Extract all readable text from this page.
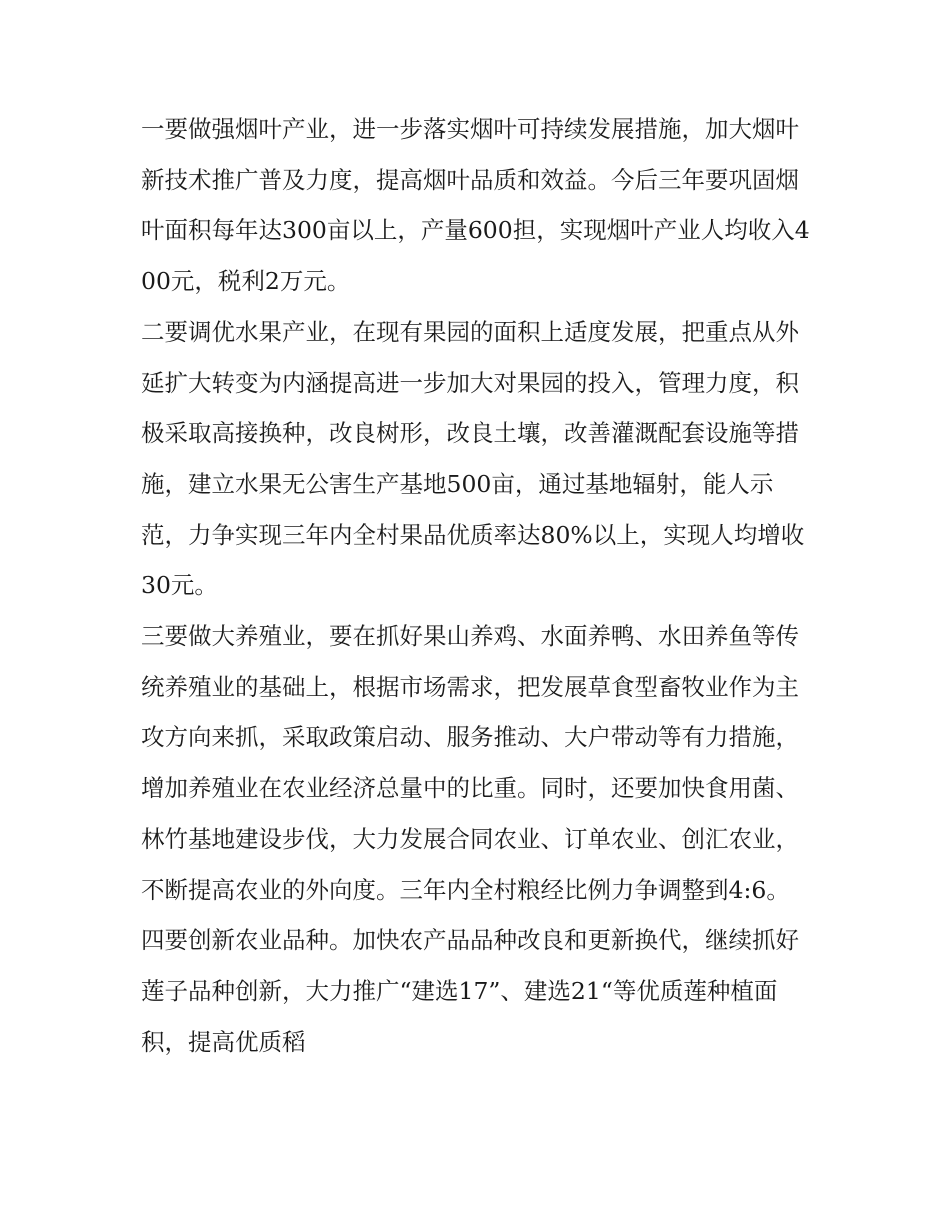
一要做强烟叶产业，进一步落实烟叶可持续发展措施，加大烟叶新技术推广普及力度，提高烟叶品质和效益。今后三年要巩固烟叶面积每年达300亩以上，产量600担，实现烟叶产业人均收入400元，税利2万元。

二要调优水果产业，在现有果园的面积上适度发展，把重点从外延扩大转变为内涵提高进一步加大对果园的投入，管理力度，积极采取高接换种，改良树形，改良土壤，改善灌溉配套设施等措施，建立水果无公害生产基地500亩，通过基地辐射，能人示范，力争实现三年内全村果品优质率达80%以上，实现人均增收30元。

三要做大养殖业，要在抓好果山养鸡、水面养鸭、水田养鱼等传统养殖业的基础上，根据市场需求，把发展草食型畜牧业作为主攻方向来抓，采取政策启动、服务推动、大户带动等有力措施，增加养殖业在农业经济总量中的比重。同时，还要加快食用菌、林竹基地建设步伐，大力发展合同农业、订单农业、创汇农业，不断提高农业的外向度。三年内全村粮经比例力争调整到4:6。

四要创新农业品种。加快农产品品种改良和更新换代，继续抓好莲子品种创新，大力推广“建选17”、建选21“等优质莲种植面积，提高优质稻
